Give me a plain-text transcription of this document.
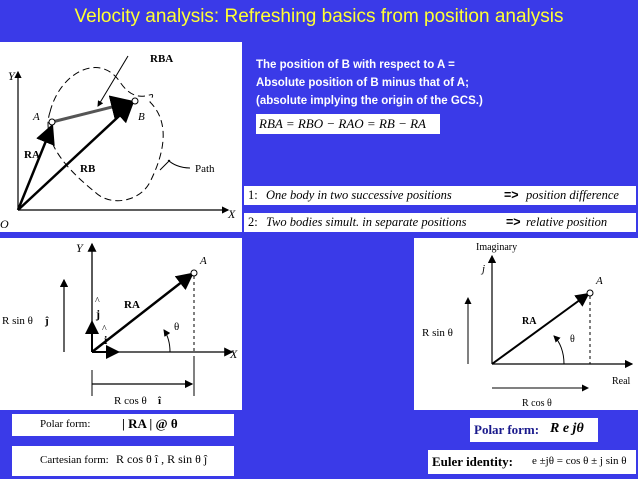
Velocity analysis: Refreshing basics from position analysis
Y
X
O
A	B
RA
RB
RBA
Path
The position of B with respect to A =
Absolute position of B minus that of A;
(absolute implying the origin of the GCS.)
RBA = RBO − RAO = RB − RA
1: One body in two successive positions	=> position difference
2: Two bodies simult. in separate positions	=> relative position
Y
X
A
RA
j
^
i
^	θ
R sin θ ĵ
R cos θ î
Imaginary
j
Real
A
RA
θ
R sin θ
R cos θ
Polar form: | RA | @ θ
Cartesian form: R cos θ î , R sin θ ĵ
Polar form: R e jθ
Euler identity: e ±jθ = cos θ ± j sin θ
